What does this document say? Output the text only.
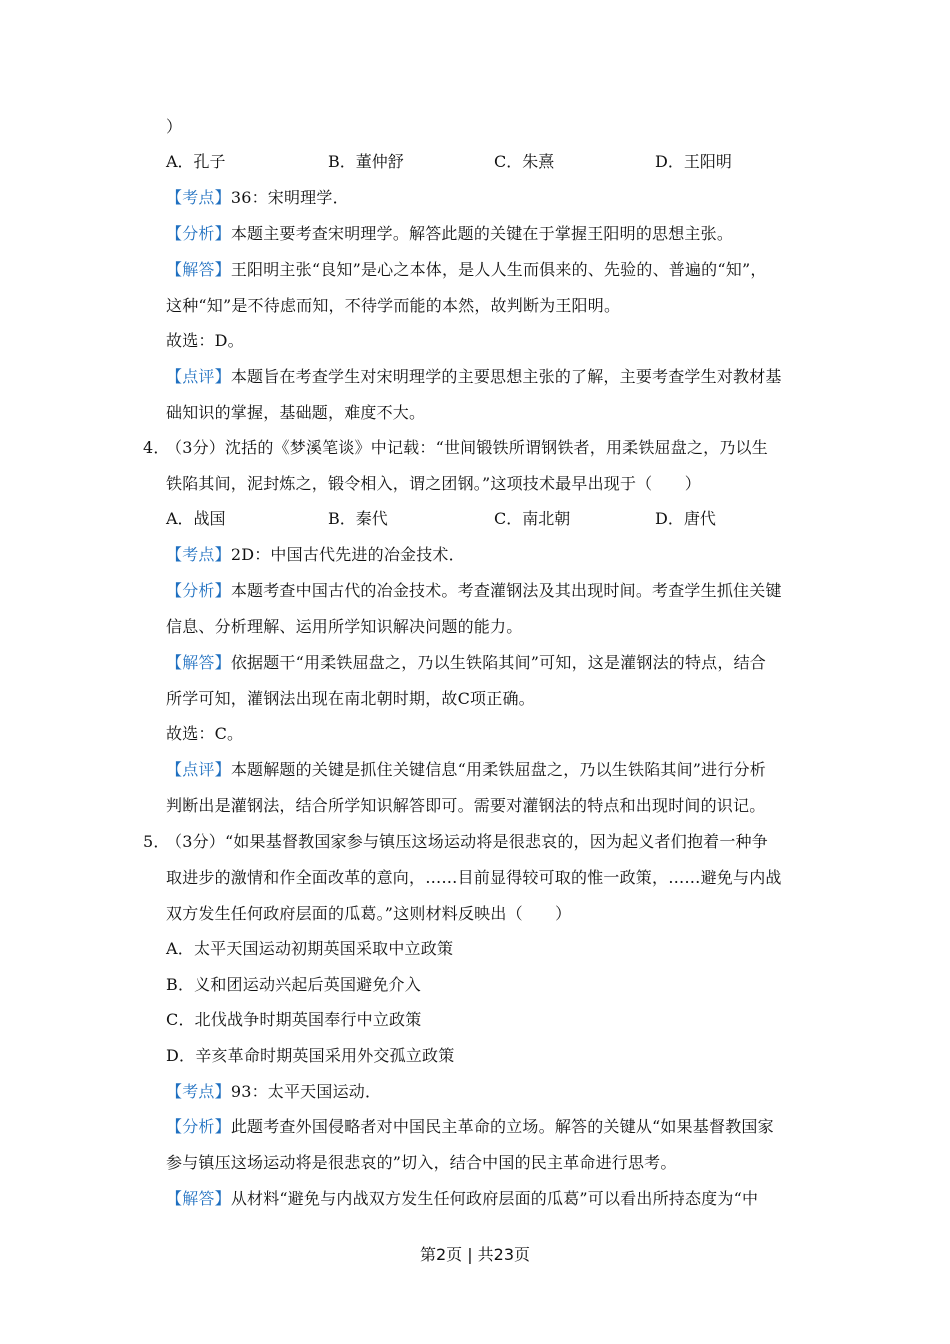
）
A．孔子	B．董仲舒	C．朱熹	D．王阳明
【考点】36：宋明理学．
【分析】本题主要考查宋明理学。解答此题的关键在于掌握王阳明的思想主张。
【解答】王阳明主张“良知”是心之本体，是人人生而俱来的、先验的、普遍的“知”，
这种“知”是不待虑而知，不待学而能的本然，故判断为王阳明。
故选：D。
【点评】本题旨在考查学生对宋明理学的主要思想主张的了解，主要考查学生对教材基
础知识的掌握，基础题，难度不大。
4．
（3分）沈括的《梦溪笔谈》中记载：“世间锻铁所谓钢铁者，用柔铁屈盘之，乃以生
铁陷其间，泥封炼之，锻令相入，谓之团钢。”这项技术最早出现于（　　）
A．战国	B．秦代	C．南北朝	D．唐代
【考点】2D：中国古代先进的冶金技术．
【分析】本题考查中国古代的冶金技术。考查灌钢法及其出现时间。考查学生抓住关键
信息、分析理解、运用所学知识解决问题的能力。
【解答】依据题干“用柔铁屈盘之，乃以生铁陷其间”可知，这是灌钢法的特点，结合
所学可知，灌钢法出现在南北朝时期，故C项正确。
故选：C。
【点评】本题解题的关键是抓住关键信息“用柔铁屈盘之，乃以生铁陷其间”进行分析
判断出是灌钢法，结合所学知识解答即可。需要对灌钢法的特点和出现时间的识记。
5．
（3分）“如果基督教国家参与镇压这场运动将是很悲哀的，因为起义者们抱着一种争
取进步的激情和作全面改革的意向，……目前显得较可取的惟一政策，……避免与内战
双方发生任何政府层面的瓜葛。”这则材料反映出（　　）
A．太平天国运动初期英国采取中立政策
B．义和团运动兴起后英国避免介入
C．北伐战争时期英国奉行中立政策
D．辛亥革命时期英国采用外交孤立政策
【考点】93：太平天国运动．
【分析】此题考查外国侵略者对中国民主革命的立场。解答的关键从“如果基督教国家
参与镇压这场运动将是很悲哀的”切入，结合中国的民主革命进行思考。
【解答】从材料“避免与内战双方发生任何政府层面的瓜葛”可以看出所持态度为“中
第2页 | 共23页
